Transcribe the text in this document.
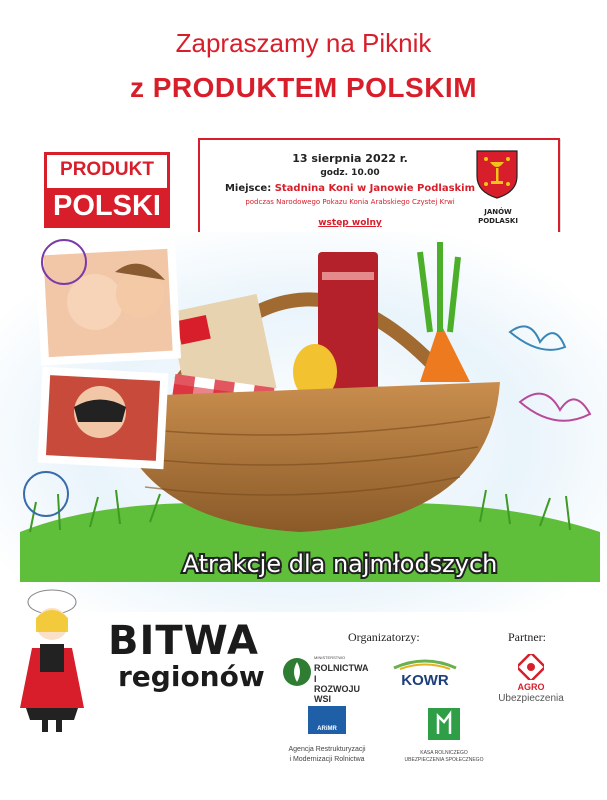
Zapraszamy na Piknik
z PRODUKTEM POLSKIM
PRODUKT
POLSKI
13 sierpnia 2022 r.
godz. 10.00
Miejsce: Stadnina Koni w Janowie Podlaskim
podczas Narodowego Pokazu Konia Arabskiego Czystej Krwi
wstęp wolny
JANÓW
PODLASKI
Atrakcje dla najmłodszych
BITWA
regionów
Organizatorzy:	Partner:
MINISTERSTWO
ROLNICTWA
I ROZWOJU WSI
KOWR	AGRO
Ubezpieczenia
ARiMR
Agencja Restrukturyzacji
i Modernizacji Rolnictwa
KASA ROLNICZEGO
UBEZPIECZENIA SPOŁECZNEGO
